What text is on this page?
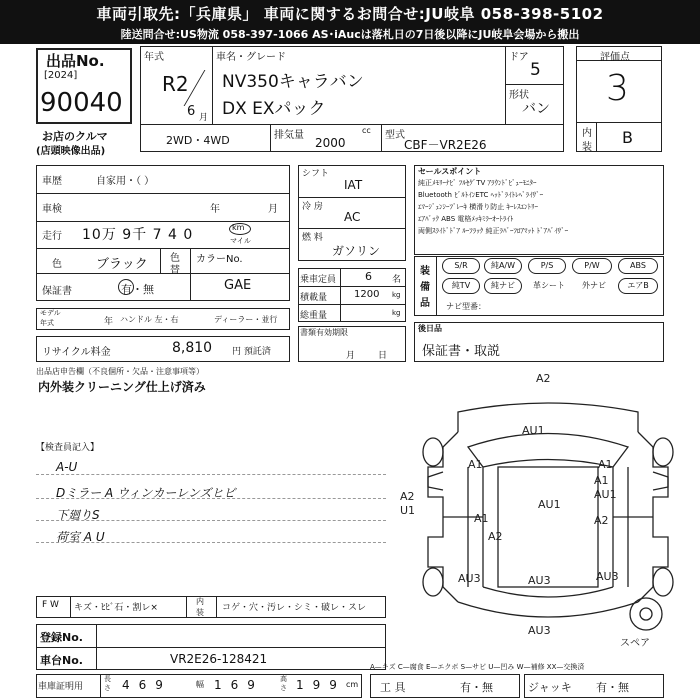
車両引取先:「兵庫県」 車両に関するお問合せ:JU岐阜 058-398-5102
陸送問合せ:US物流 058-397-1066 AS･iAucは落札日の7日後以降にJU岐阜会場から搬出
出品No.
[2024]
90040
お店のクルマ
(店頭映像出品)
年式
R2
6 月
車名・グレード
NV350キャラバン
DX EXパック
ドア
5
形状
バン
2WD・4WD	排気量
2000
cc 型式
CBF－VR2E26
評価点
3
内
装
B
車歴	自家用・（ ）
車検	年	月
走行 10万 9千 7 4 0	km
マイル
色	ブラック 色
替
カラーNo.
保証書	有・無	GAE
モデル
年式	年 ハンドル 左・右	ディーラー・並行
リサイクル料金	8,810 円 預託済
シフト
IAT
冷 房
AC
燃 料
ガソリン
乗車定員	6 名
積載量	1200 kg
総重量	kg
書類有効期限
月	日
セールスポイント
純正ﾒﾓﾘｰﾅﾋﾞ ﾌﾙｾｸﾞTV ｱﾗｳﾝﾄﾞﾋﾞｭｰﾓﾆﾀｰ
Bluetooth ﾋﾞﾙﾄｲﾝETC ﾍｯﾄﾞﾗｲﾄﾚﾍﾞﾗｲｻﾞｰ
ｴﾏｰｼﾞｪﾝｼｰﾌﾞﾚｰｷ 横滑り防止 ｷｰﾚｽｴﾝﾄﾘｰ
ｴｱﾊﾞｯｸ ABS 電格ﾒｯｷﾐﾗｰｵｰﾄﾗｲﾄ
両側ｽﾗｲﾄﾞﾄﾞｱ ﾙｰﾌﾗｯｸ 純正ﾗﾊﾞｰﾌﾛｱﾏｯﾄ ﾄﾞｱﾊﾞｲｻﾞｰ
装
備
品
S/R	純A/W	P/S	P/W	ABS
純TV	純ナビ	革シート	外ナビ	エアB
ナビ型番：
後日品
保証書・取説
出品店申告欄（不良個所・欠品・注意事項等）
内外装クリーニング仕上げ済み
【検査員記入】
A-U
Dミラー A ウィンカーレンズヒビ
下廻りS
荷室 A U
A2
AU1
A1	A1
A1
A2	AU1
AU1
A2
U1
A1
A2
AU3	AU3	AU3
AU3
スペア
F W キズ・ﾋﾋﾞ石・割レ×
内
装 コゲ・穴・汚レ・シミ・破レ・スレ
登録No.
車台No.	VR2E26-128421
A—キズ C—腐食 E—エクボ S—サビ U—凹み W—補修 XX—交換済
車庫証明用
長さ 469	幅 169 高さ 199 cm 工 具	有・無	ジャッキ 有・無
